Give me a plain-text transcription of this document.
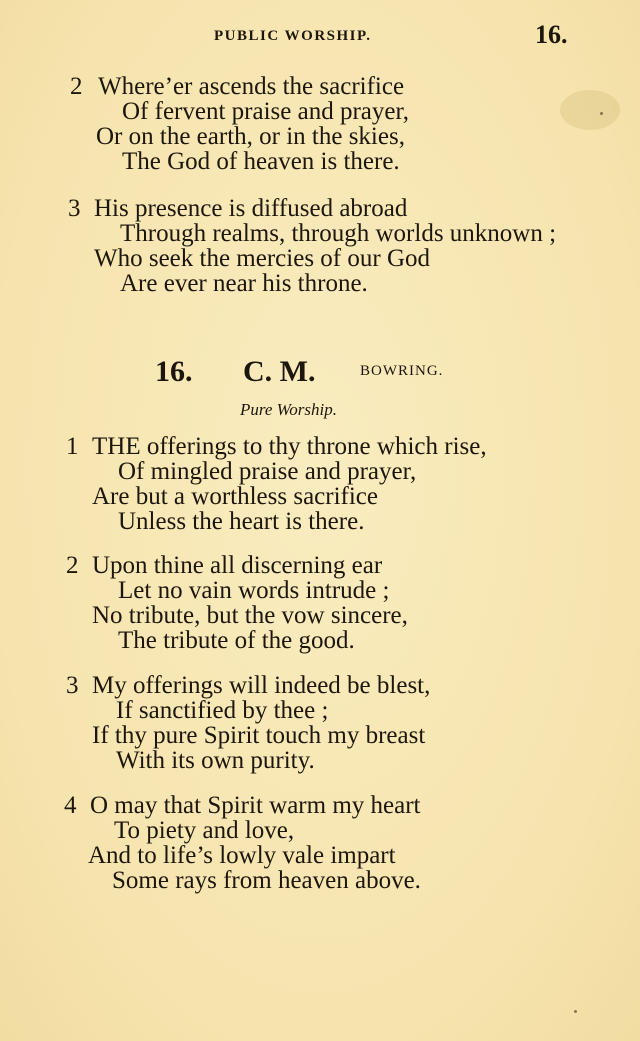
PUBLIC WORSHIP.	16.
2 Where’er ascends the sacrifice
Of fervent praise and prayer,
Or on the earth, or in the skies,
The God of heaven is there.
3 His presence is diffused abroad
Through realms, through worlds unknown ;
Who seek the mercies of our God
Are ever near his throne.
16. C. M.	BOWRING.
Pure Worship.
1 THE offerings to thy throne which rise,
Of mingled praise and prayer,
Are but a worthless sacrifice
Unless the heart is there.
2 Upon thine all discerning ear
Let no vain words intrude ;
No tribute, but the vow sincere,
The tribute of the good.
3 My offerings will indeed be blest,
If sanctified by thee ;
If thy pure Spirit touch my breast
With its own purity.
4 O may that Spirit warm my heart
To piety and love,
And to life’s lowly vale impart
Some rays from heaven above.
